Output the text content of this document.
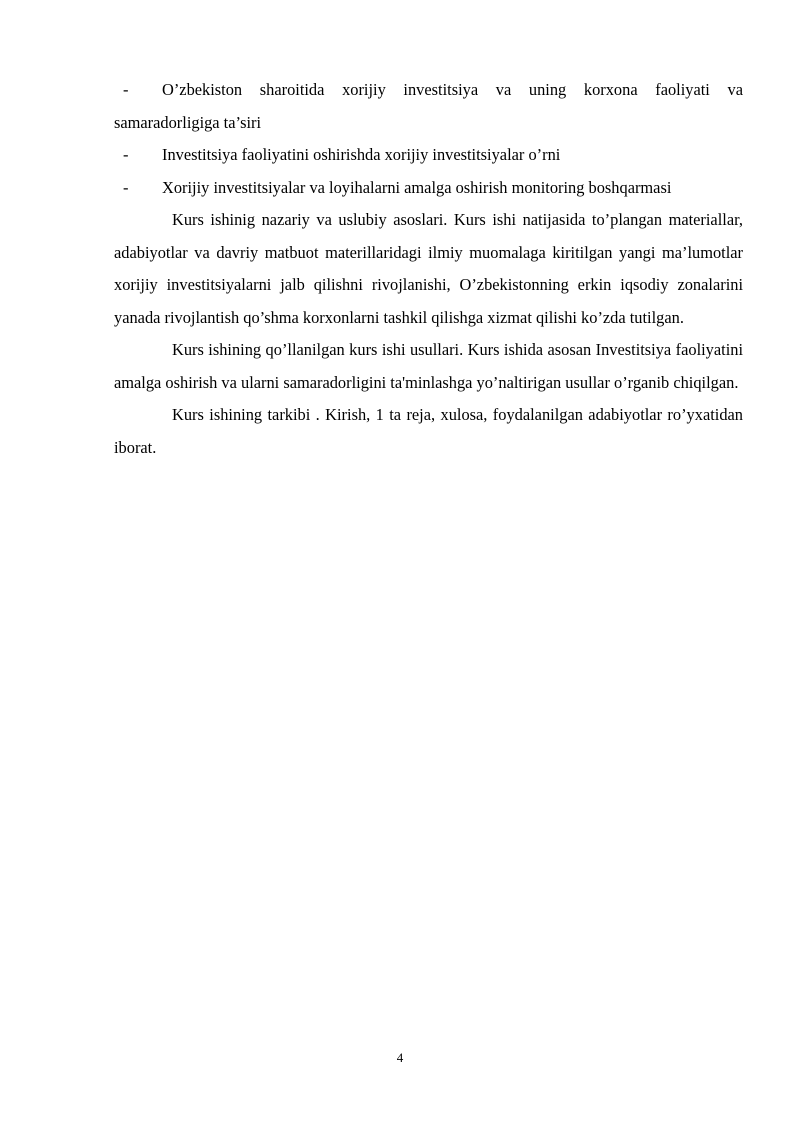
- O’zbekiston sharoitida xorijiy investitsiya va uning korxona faoliyati va samaradorligiga ta’siri

- Investitsiya faoliyatini oshirishda xorijiy investitsiyalar o’rni

- Xorijiy investitsiyalar va loyihalarni amalga oshirish monitoring boshqarmasi

Kurs ishinig nazariy va uslubiy asoslari. Kurs ishi natijasida to’plangan materiallar, adabiyotlar va davriy matbuot materillaridagi ilmiy muomalaga kiritilgan yangi ma’lumotlar xorijiy investitsiyalarni jalb qilishni rivojlanishi, O’zbekistonning erkin iqsodiy zonalarini yanada rivojlantish qo’shma korxonlarni tashkil qilishga xizmat qilishi ko’zda tutilgan.

Kurs ishining qo’llanilgan kurs ishi usullari. Kurs ishida asosan Investitsiya faoliyatini amalga oshirish va ularni samaradorligini ta'minlashga yo’naltirigan usullar o’rganib chiqilgan.

Kurs ishining tarkibi . Kirish, 1 ta reja, xulosa, foydalanilgan adabiyotlar ro’yxatidan iborat.

4
